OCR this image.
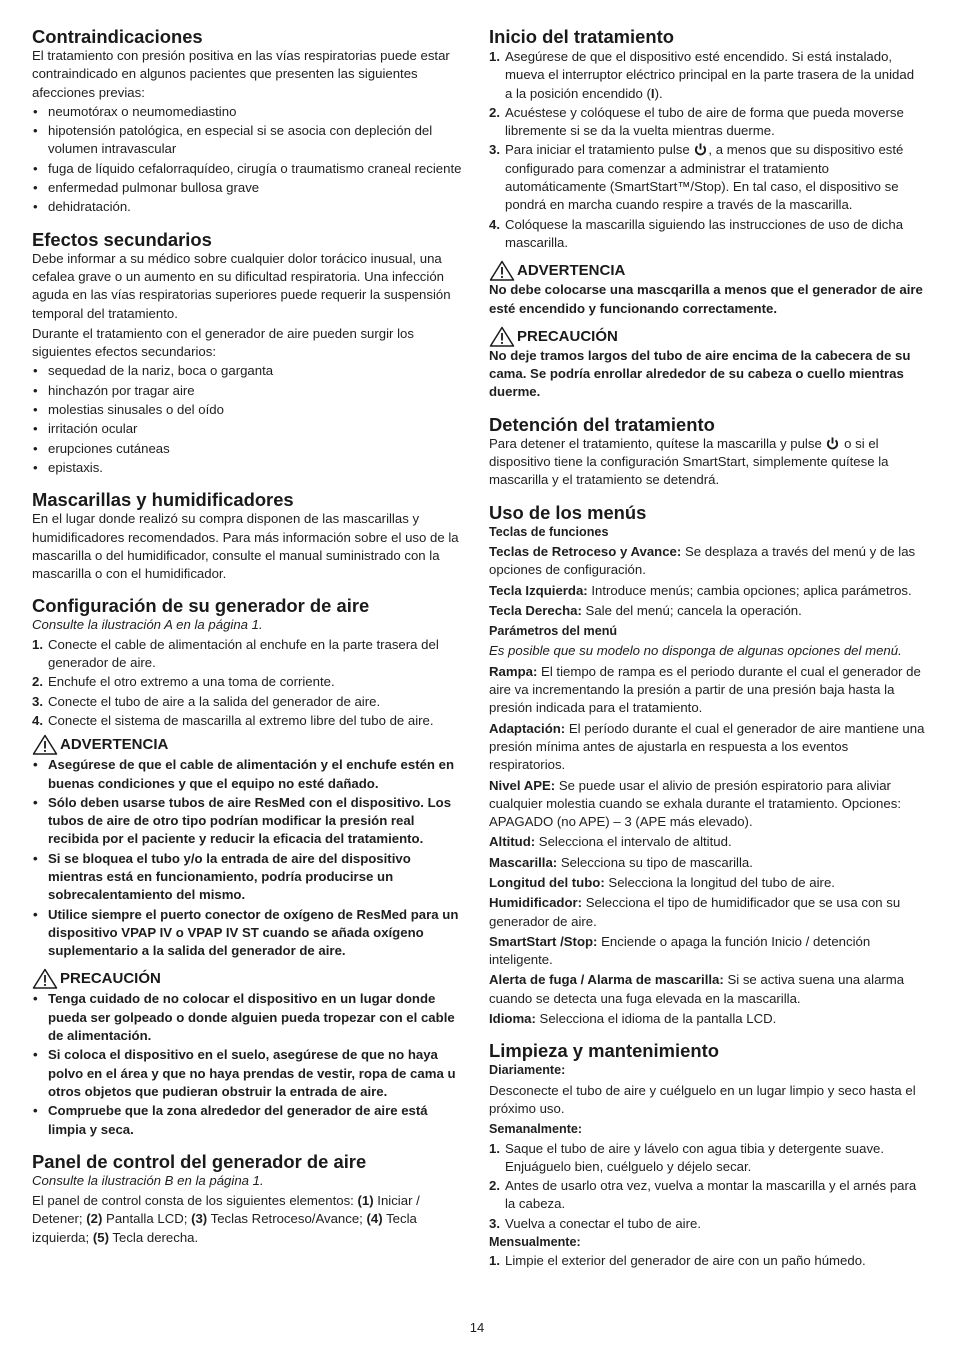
Contraindicaciones

El tratamiento con presión positiva en las vías respiratorias puede estar contraindicado en algunos pacientes que presenten las siguientes afecciones previas:

• neumotórax o neumomediastino
• hipotensión patológica, en especial si se asocia con depleción del volumen intravascular
• fuga de líquido cefalorraquídeo, cirugía o traumatismo craneal reciente
• enfermedad pulmonar bullosa grave
• dehidratación.
Efectos secundarios

Debe informar a su médico sobre cualquier dolor torácico inusual, una cefalea grave o un aumento en su dificultad respiratoria. Una infección aguda en las vías respiratorias superiores puede requerir la suspensión temporal del tratamiento.

Durante el tratamiento con el generador de aire pueden surgir los siguientes efectos secundarios:

• sequedad de la nariz, boca o garganta
• hinchazón por tragar aire
• molestias sinusales o del oído
• irritación ocular
• erupciones cutáneas
• epistaxis.
Mascarillas y humidificadores

En el lugar donde realizó su compra disponen de las mascarillas y humidificadores recomendados. Para más información sobre el uso de la mascarilla o del humidificador, consulte el manual suministrado con la mascarilla o con el humidificador.

Configuración de su generador de aire

Consulte la ilustración A en la página 1.

1. Conecte el cable de alimentación al enchufe en la parte trasera del generador de aire.
2. Enchufe el otro extremo a una toma de corriente.
3. Conecte el tubo de aire a la salida del generador de aire.
4. Conecte el sistema de mascarilla al extremo libre del tubo de aire.
ADVERTENCIA
• Asegúrese de que el cable de alimentación y el enchufe estén en buenas condiciones y que el equipo no esté dañado.
• Sólo deben usarse tubos de aire ResMed con el dispositivo. Los tubos de aire de otro tipo podrían modificar la presión real recibida por el paciente y reducir la eficacia del tratamiento.
• Si se bloquea el tubo y/o la entrada de aire del dispositivo mientras está en funcionamiento, podría producirse un sobrecalentamiento del mismo.
• Utilice siempre el puerto conector de oxígeno de ResMed para un dispositivo VPAP IV o VPAP IV ST cuando se añada oxígeno suplementario a la salida del generador de aire.
PRECAUCIÓN
• Tenga cuidado de no colocar el dispositivo en un lugar donde pueda ser golpeado o donde alguien pueda tropezar con el cable de alimentación.
• Si coloca el dispositivo en el suelo, asegúrese de que no haya polvo en el área y que no haya prendas de vestir, ropa de cama u otros objetos que pudieran obstruir la entrada de aire.
• Compruebe que la zona alrededor del generador de aire está limpia y seca.
Panel de control del generador de aire

Consulte la ilustración B en la página 1.

El panel de control consta de los siguientes elementos: (1) Iniciar / Detener; (2) Pantalla LCD; (3) Teclas Retroceso/Avance; (4) Tecla izquierda; (5) Tecla derecha.

Inicio del tratamiento
1. Asegúrese de que el dispositivo esté encendido. Si está instalado, mueva el interruptor eléctrico principal en la parte trasera de la unidad a la posición encendido (I).
2. Acuéstese y colóquese el tubo de aire de forma que pueda moverse libremente si se da la vuelta mientras duerme.
3. Para iniciar el tratamiento pulse , a menos que su dispositivo esté configurado para comenzar a administrar el tratamiento automáticamente (SmartStart™/Stop). En tal caso, el dispositivo se pondrá en marcha cuando respire a través de la mascarilla.
4. Colóquese la mascarilla siguiendo las instrucciones de uso de dicha mascarilla.
ADVERTENCIA

No debe colocarse una mascqarilla a menos que el generador de aire esté encendido y funcionando correctamente.

PRECAUCIÓN

No deje tramos largos del tubo de aire encima de la cabecera de su cama. Se podría enrollar alrededor de su cabeza o cuello mientras duerme.

Detención del tratamiento

Para detener el tratamiento, quítese la mascarilla y pulse  o si el dispositivo tiene la configuración SmartStart, simplemente quítese la mascarilla y el tratamiento se detendrá.

Uso de los menús

Teclas de funciones

Teclas de Retroceso y Avance: Se desplaza a través del menú y de las opciones de configuración.

Tecla Izquierda: Introduce menús; cambia opciones; aplica parámetros.

Tecla Derecha: Sale del menú; cancela la operación.

Parámetros del menú

Es posible que su modelo no disponga de algunas opciones del menú.

Rampa: El tiempo de rampa es el periodo durante el cual el generador de aire va incrementando la presión a partir de una presión baja hasta la presión indicada para el tratamiento.

Adaptación: El período durante el cual el generador de aire mantiene una presión mínima antes de ajustarla en respuesta a los eventos respiratorios.

Nivel APE: Se puede usar el alivio de presión espiratorio para aliviar cualquier molestia cuando se exhala durante el tratamiento. Opciones: APAGADO (no APE) – 3 (APE más elevado).

Altitud: Selecciona el intervalo de altitud.

Mascarilla: Selecciona su tipo de mascarilla.

Longitud del tubo: Selecciona la longitud del tubo de aire.

Humidificador: Selecciona el tipo de humidificador que se usa con su generador de aire.

SmartStart /Stop: Enciende o apaga la función Inicio / detención inteligente.

Alerta de fuga / Alarma de mascarilla: Si se activa suena una alarma cuando se detecta una fuga elevada en la mascarilla.

Idioma: Selecciona el idioma de la pantalla LCD.

Limpieza y mantenimiento

Diariamente:

Desconecte el tubo de aire y cuélguelo en un lugar limpio y seco hasta el próximo uso.

Semanalmente:

1. Saque el tubo de aire y lávelo con agua tibia y detergente suave. Enjuáguelo bien, cuélguelo y déjelo secar.
2. Antes de usarlo otra vez, vuelva a montar la mascarilla y el arnés para la cabeza.
3. Vuelva a conectar el tubo de aire.

Mensualmente:

1. Limpie el exterior del generador de aire con un paño húmedo.
14
